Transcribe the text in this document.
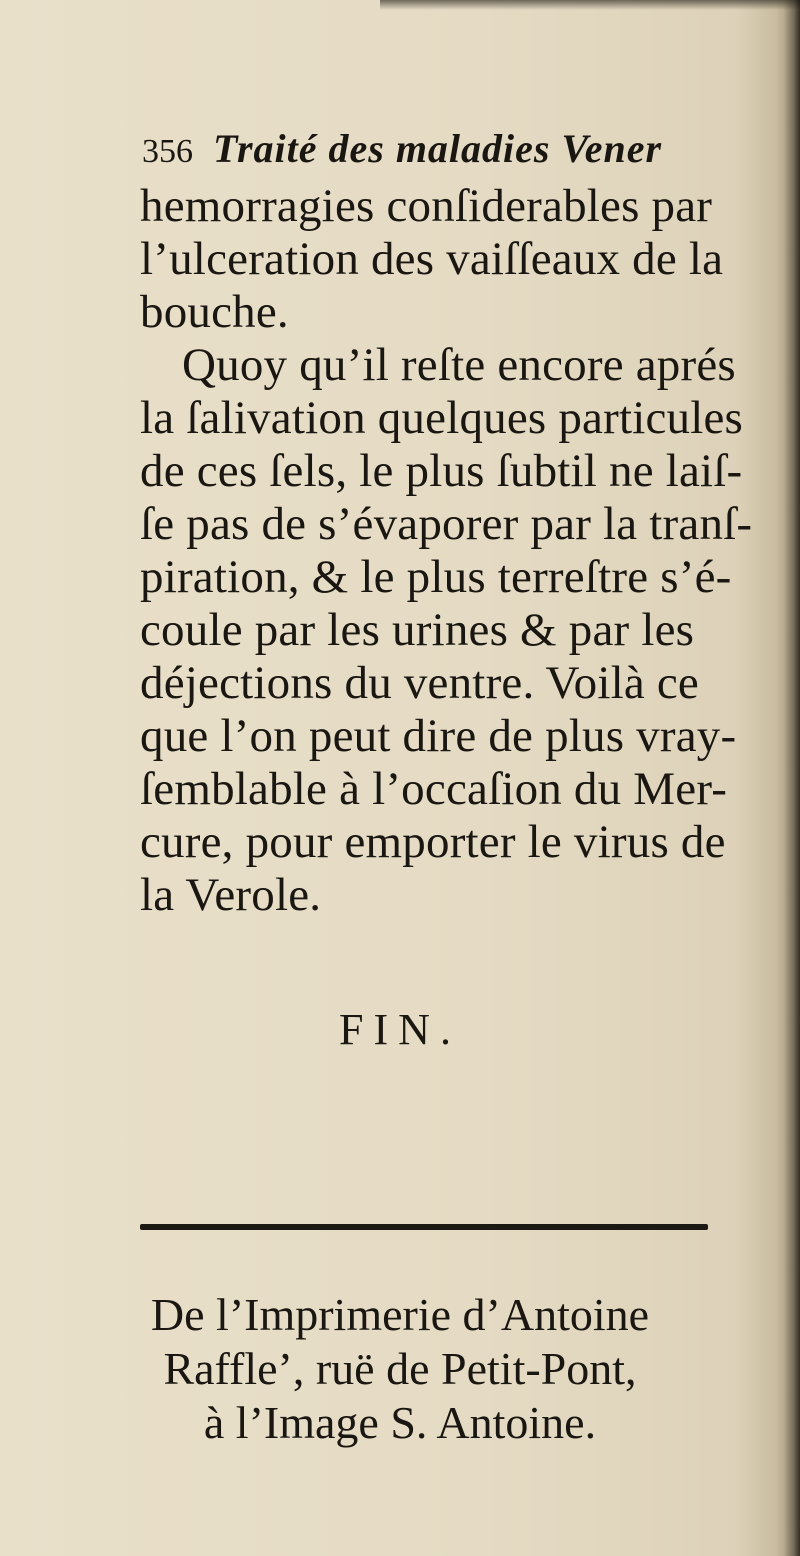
356 Traité des maladies Vener
hemorragies conſiderables par
l’ulceration des vaiſſeaux de la
bouche.
Quoy qu’il reſte encore aprés
la ſalivation quelques particules
de ces ſels, le plus ſubtil ne laiſ-
ſe pas de s’évaporer par la tranſ-
piration, & le plus terreſtre s’é-
coule par les urines & par les
déjections du ventre. Voilà ce
que l’on peut dire de plus vray-
ſemblable à l’occaſion du Mer-
cure, pour emporter le virus de
la Verole.
FIN.
De l’Imprimerie d’Antoine
Raffle’, ruë de Petit-Pont,
à l’Image S. Antoine.
